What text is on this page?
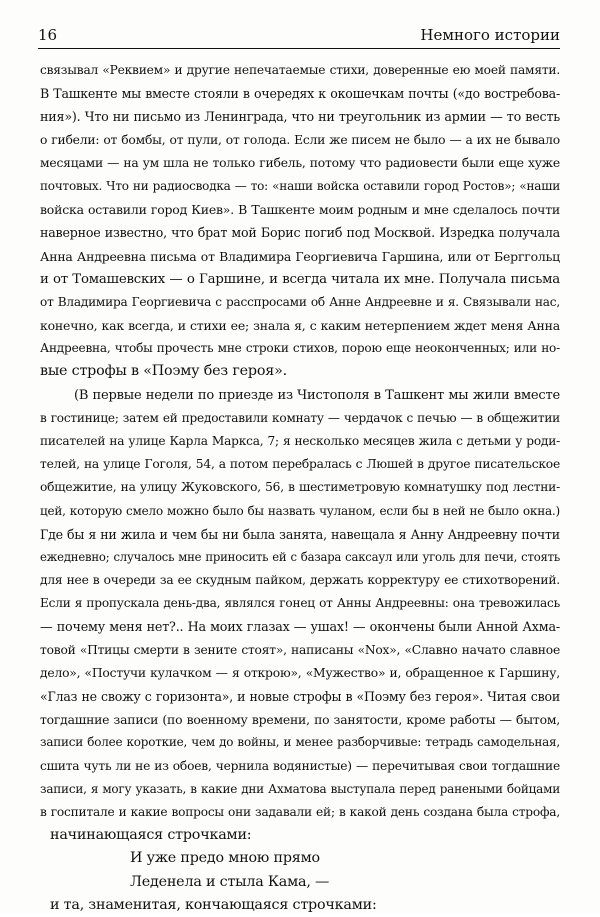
16	Немного истории
связывал «Реквием» и другие непечатаемые стихи, доверенные ею моей памяти.
В Ташкенте мы вместе стояли в очередях к окошечкам почты («до востребова-
ния»). Что ни письмо из Ленинграда, что ни треугольник из армии — то весть
о гибели: от бомбы, от пули, от голода. Если же писем не было — а их не бывало
месяцами — на ум шла не только гибель, потому что радиовести были еще хуже
почтовых. Что ни радиосводка — то: «наши войска оставили город Ростов»; «наши
войска оставили город Киев». В Ташкенте моим родным и мне сделалось почти
наверное известно, что брат мой Борис погиб под Москвой. Изредка получала
Анна Андреевна письма от Владимира Георгиевича Гаршина, или от Берггольц
и от Томашевских — о Гаршине, и всегда читала их мне. Получала письма
от Владимира Георгиевича с расспросами об Анне Андреевне и я. Связывали нас,
конечно, как всегда, и стихи ее; знала я, с каким нетерпением ждет меня Анна
Андреевна, чтобы прочесть мне строки стихов, порою еще неоконченных; или но-
вые строфы в «Поэму без героя».
(В первые недели по приезде из Чистополя в Ташкент мы жили вместе
в гостинице; затем ей предоставили комнату — чердачок с печью — в общежитии
писателей на улице Карла Маркса, 7; я несколько месяцев жила с детьми у роди-
телей, на улице Гоголя, 54, а потом перебралась с Люшей в другое писательское
общежитие, на улицу Жуковского, 56, в шестиметровую комнатушку под лестни-
цей, которую смело можно было бы назвать чуланом, если бы в ней не было окна.)
Где бы я ни жила и чем бы ни была занята, навещала я Анну Андреевну почти
ежедневно; случалось мне приносить ей с базара саксаул или уголь для печи, стоять
для нее в очереди за ее скудным пайком, держать корректуру ее стихотворений.
Если я пропускала день-два, являлся гонец от Анны Андреевны: она тревожилась
— почему меня нет?.. На моих глазах — ушах! — окончены были Анной Ахма-
товой «Птицы смерти в зените стоят», написаны «Nox», «Славно начато славное
дело», «Постучи кулачком — я открою», «Мужество» и, обращенное к Гаршину,
«Глаз не свожу с горизонта», и новые строфы в «Поэму без героя». Читая свои
тогдашние записи (по военному времени, по занятости, кроме работы — бытом,
записи более короткие, чем до войны, и менее разборчивые: тетрадь самодельная,
сшита чуть ли не из обоев, чернила водянистые) — перечитывая свои тогдашние
записи, я могу указать, в какие дни Ахматова выступала перед ранеными бойцами
в госпитале и какие вопросы они задавали ей; в какой день создана была строфа,
начинающаяся строчками:
И уже предо мною прямо
Леденела и стыла Кама, —
и та, знаменитая, кончающаяся строчками:
